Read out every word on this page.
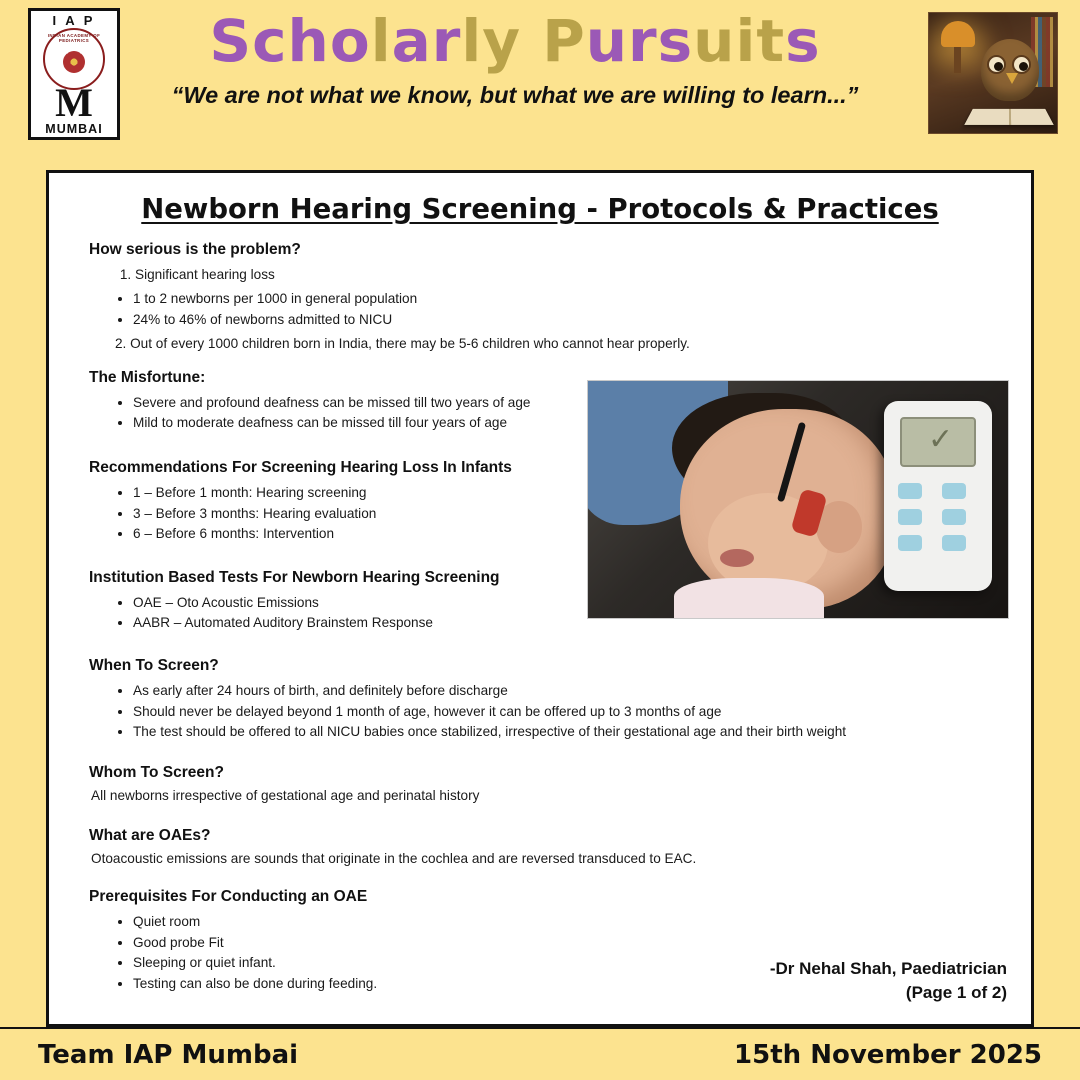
I A P
INDIAN ACADEMY OF PEDIATRICS
M
MUMBAI
Scholarly Pursuits
“We are not what we know, but what we are willing to learn...”
Newborn Hearing Screening - Protocols & Practices
How serious is the problem?
1. Significant hearing loss
• 1 to 2 newborns per 1000 in general population
• 24% to 46% of newborns admitted to NICU
2. Out of every 1000 children born in India, there may be 5-6 children who cannot hear properly.
The Misfortune:
• Severe and profound deafness can be missed till two years of age
• Mild to moderate deafness can be missed till four years of age
Recommendations For Screening Hearing Loss In Infants
• 1 – Before 1 month: Hearing screening
• 3 – Before 3 months: Hearing evaluation
• 6 – Before 6 months: Intervention
Institution Based Tests For Newborn Hearing Screening
• OAE – Oto Acoustic Emissions
• AABR – Automated Auditory Brainstem Response
When To Screen?
• As early after 24 hours of birth, and definitely before discharge
• Should never be delayed beyond 1 month of age, however it can be offered up to 3 months of age
• The test should be offered to all NICU babies once stabilized, irrespective of their gestational age and their birth weight
Whom To Screen?
All newborns irrespective of gestational age and perinatal history
What are OAEs?
Otoacoustic emissions are sounds that originate in the cochlea and are reversed transduced to EAC.
Prerequisites For Conducting an OAE
• Quiet room
• Good probe Fit
• Sleeping or quiet infant.
• Testing can also be done during feeding.
✓
-Dr Nehal Shah, Paediatrician
(Page 1 of 2)
Team IAP Mumbai	15th November 2025
